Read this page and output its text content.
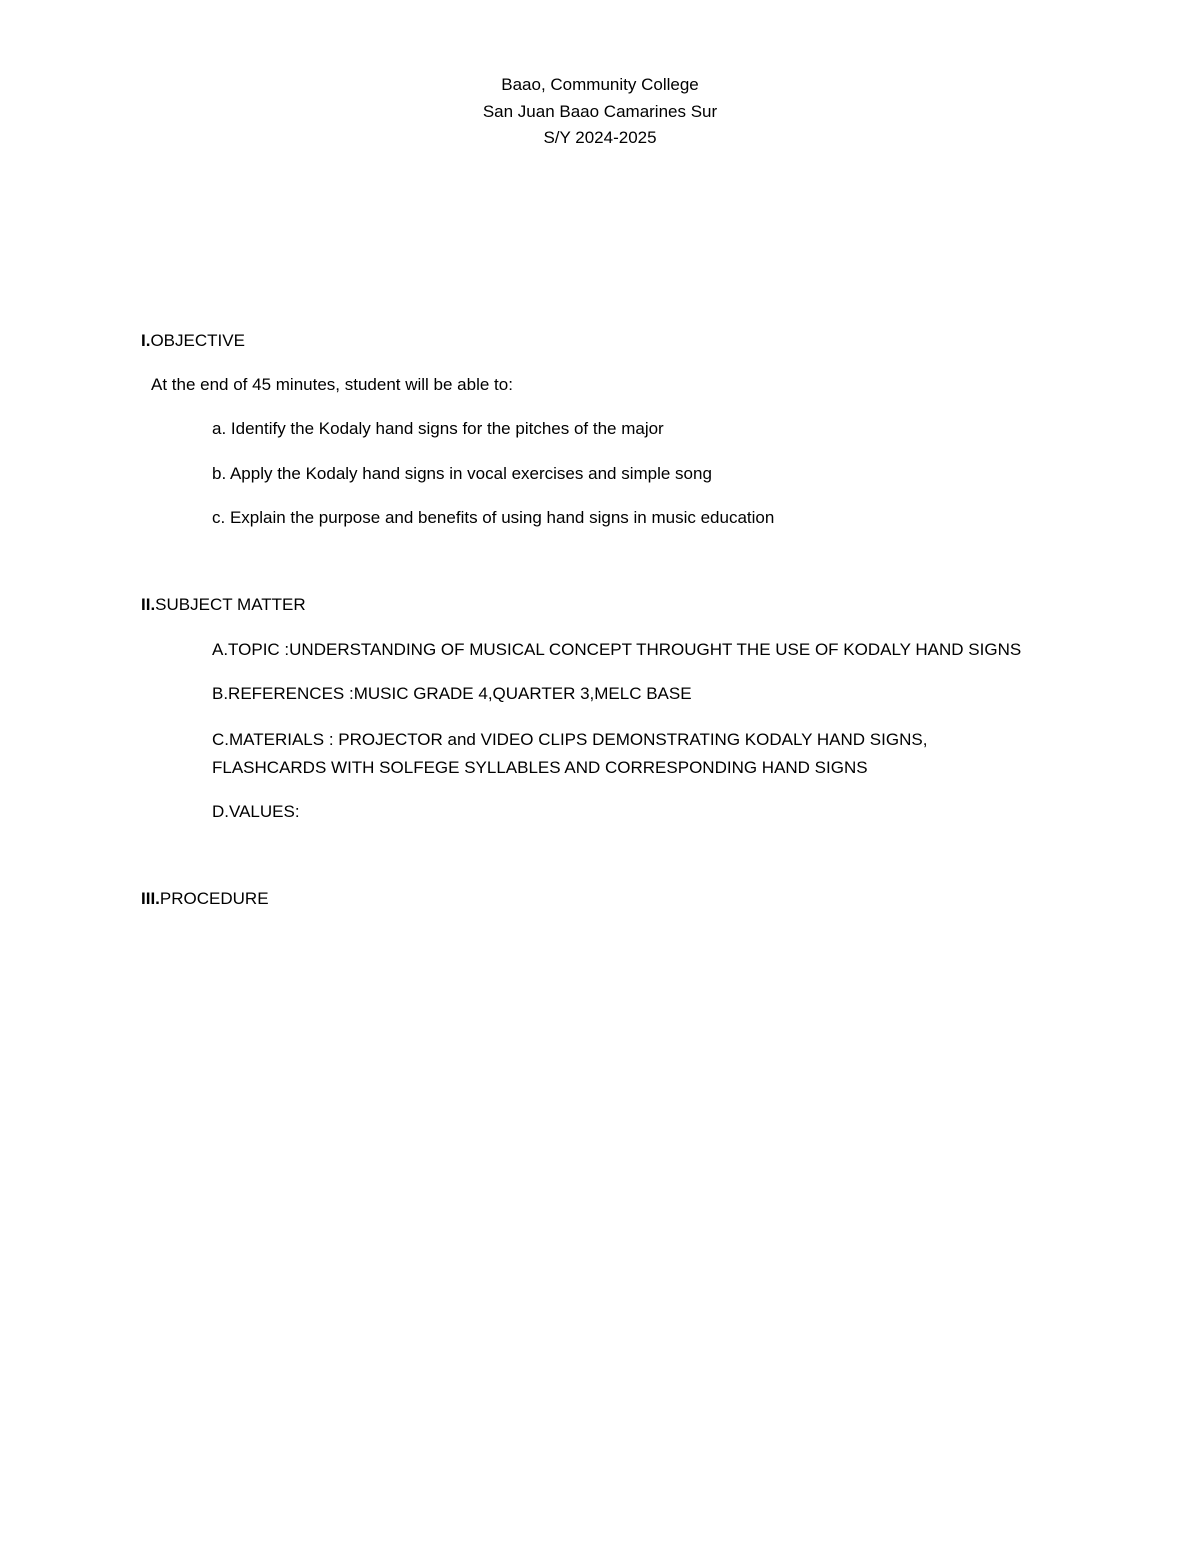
Baao, Community College
San Juan Baao Camarines Sur
S/Y 2024-2025
I.OBJECTIVE
At the end of 45 minutes, student will be able to:
a. Identify the Kodaly hand signs for the pitches of the major
b. Apply the Kodaly hand signs in vocal exercises and simple song
c. Explain the purpose and benefits of using hand signs in music education
II.SUBJECT MATTER
A.TOPIC :UNDERSTANDING OF MUSICAL CONCEPT THROUGHT THE USE OF KODALY HAND SIGNS
B.REFERENCES :MUSIC GRADE 4,QUARTER 3,MELC BASE
C.MATERIALS : PROJECTOR and VIDEO CLIPS DEMONSTRATING KODALY HAND SIGNS,
FLASHCARDS WITH SOLFEGE SYLLABLES AND CORRESPONDING HAND SIGNS
D.VALUES:
III.PROCEDURE
